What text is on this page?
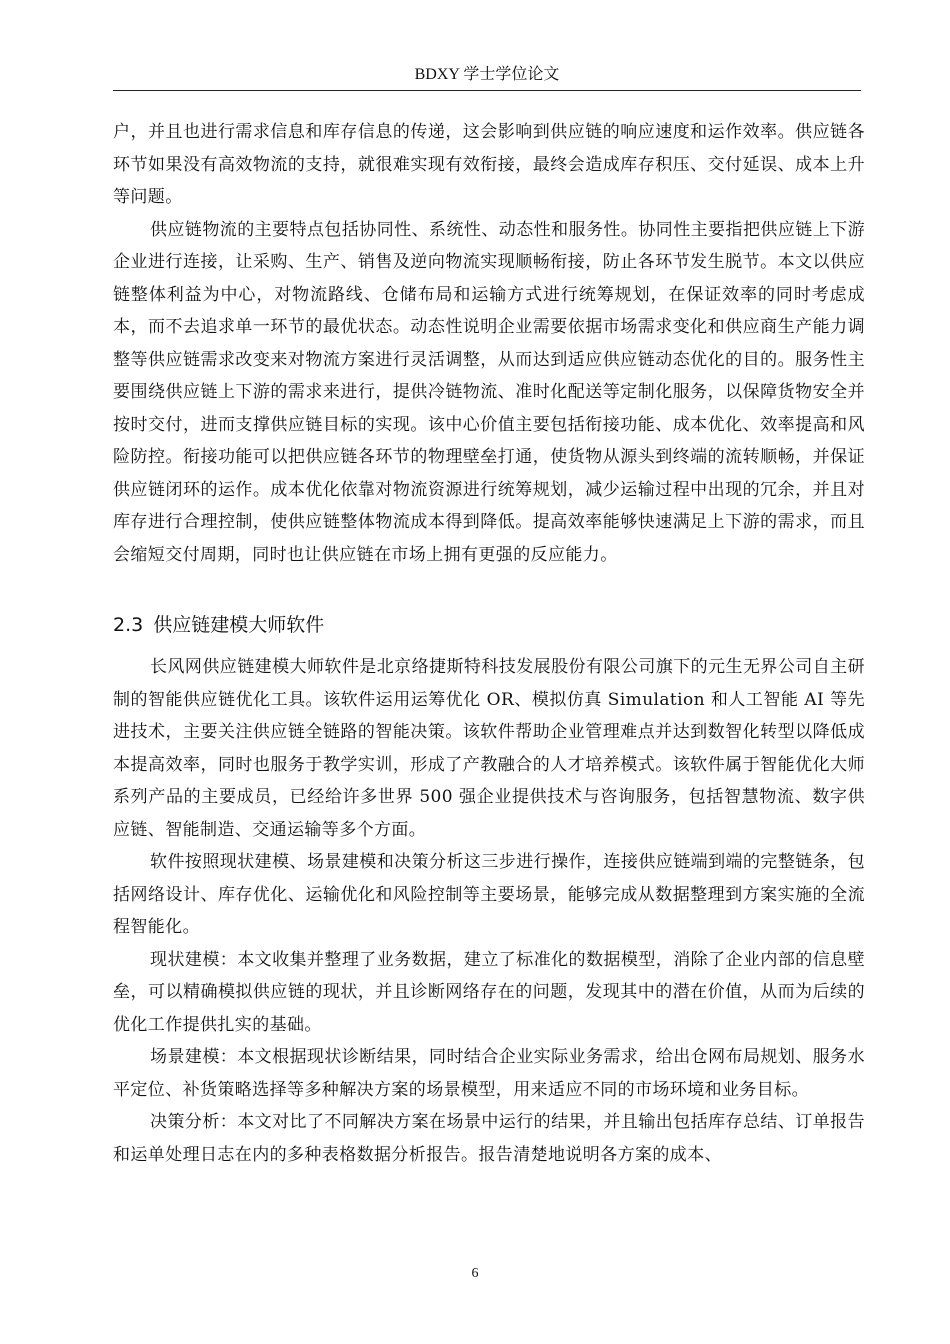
BDXY 学士学位论文

户，并且也进行需求信息和库存信息的传递，这会影响到供应链的响应速度和运作效率。供应链各环节如果没有高效物流的支持，就很难实现有效衔接，最终会造成库存积压、交付延误、成本上升等问题。

供应链物流的主要特点包括协同性、系统性、动态性和服务性。协同性主要指把供应链上下游企业进行连接，让采购、生产、销售及逆向物流实现顺畅衔接，防止各环节发生脱节。本文以供应链整体利益为中心，对物流路线、仓储布局和运输方式进行统筹规划，在保证效率的同时考虑成本，而不去追求单一环节的最优状态。动态性说明企业需要依据市场需求变化和供应商生产能力调整等供应链需求改变来对物流方案进行灵活调整，从而达到适应供应链动态优化的目的。服务性主要围绕供应链上下游的需求来进行，提供冷链物流、准时化配送等定制化服务，以保障货物安全并按时交付，进而支撑供应链目标的实现。该中心价值主要包括衔接功能、成本优化、效率提高和风险防控。衔接功能可以把供应链各环节的物理壁垒打通，使货物从源头到终端的流转顺畅，并保证供应链闭环的运作。成本优化依靠对物流资源进行统筹规划，减少运输过程中出现的冗余，并且对库存进行合理控制，使供应链整体物流成本得到降低。提高效率能够快速满足上下游的需求，而且会缩短交付周期，同时也让供应链在市场上拥有更强的反应能力。

2.3 供应链建模大师软件

长风网供应链建模大师软件是北京络捷斯特科技发展股份有限公司旗下的元生无界公司自主研制的智能供应链优化工具。该软件运用运筹优化 OR、模拟仿真 Simulation 和人工智能 AI 等先进技术，主要关注供应链全链路的智能决策。该软件帮助企业管理难点并达到数智化转型以降低成本提高效率，同时也服务于教学实训，形成了产教融合的人才培养模式。该软件属于智能优化大师系列产品的主要成员，已经给许多世界 500 强企业提供技术与咨询服务，包括智慧物流、数字供应链、智能制造、交通运输等多个方面。

软件按照现状建模、场景建模和决策分析这三步进行操作，连接供应链端到端的完整链条，包括网络设计、库存优化、运输优化和风险控制等主要场景，能够完成从数据整理到方案实施的全流程智能化。

现状建模：本文收集并整理了业务数据，建立了标准化的数据模型，消除了企业内部的信息壁垒，可以精确模拟供应链的现状，并且诊断网络存在的问题，发现其中的潜在价值，从而为后续的优化工作提供扎实的基础。

场景建模：本文根据现状诊断结果，同时结合企业实际业务需求，给出仓网布局规划、服务水平定位、补货策略选择等多种解决方案的场景模型，用来适应不同的市场环境和业务目标。

决策分析：本文对比了不同解决方案在场景中运行的结果，并且输出包括库存总结、订单报告和运单处理日志在内的多种表格数据分析报告。报告清楚地说明各方案的成本、

6
